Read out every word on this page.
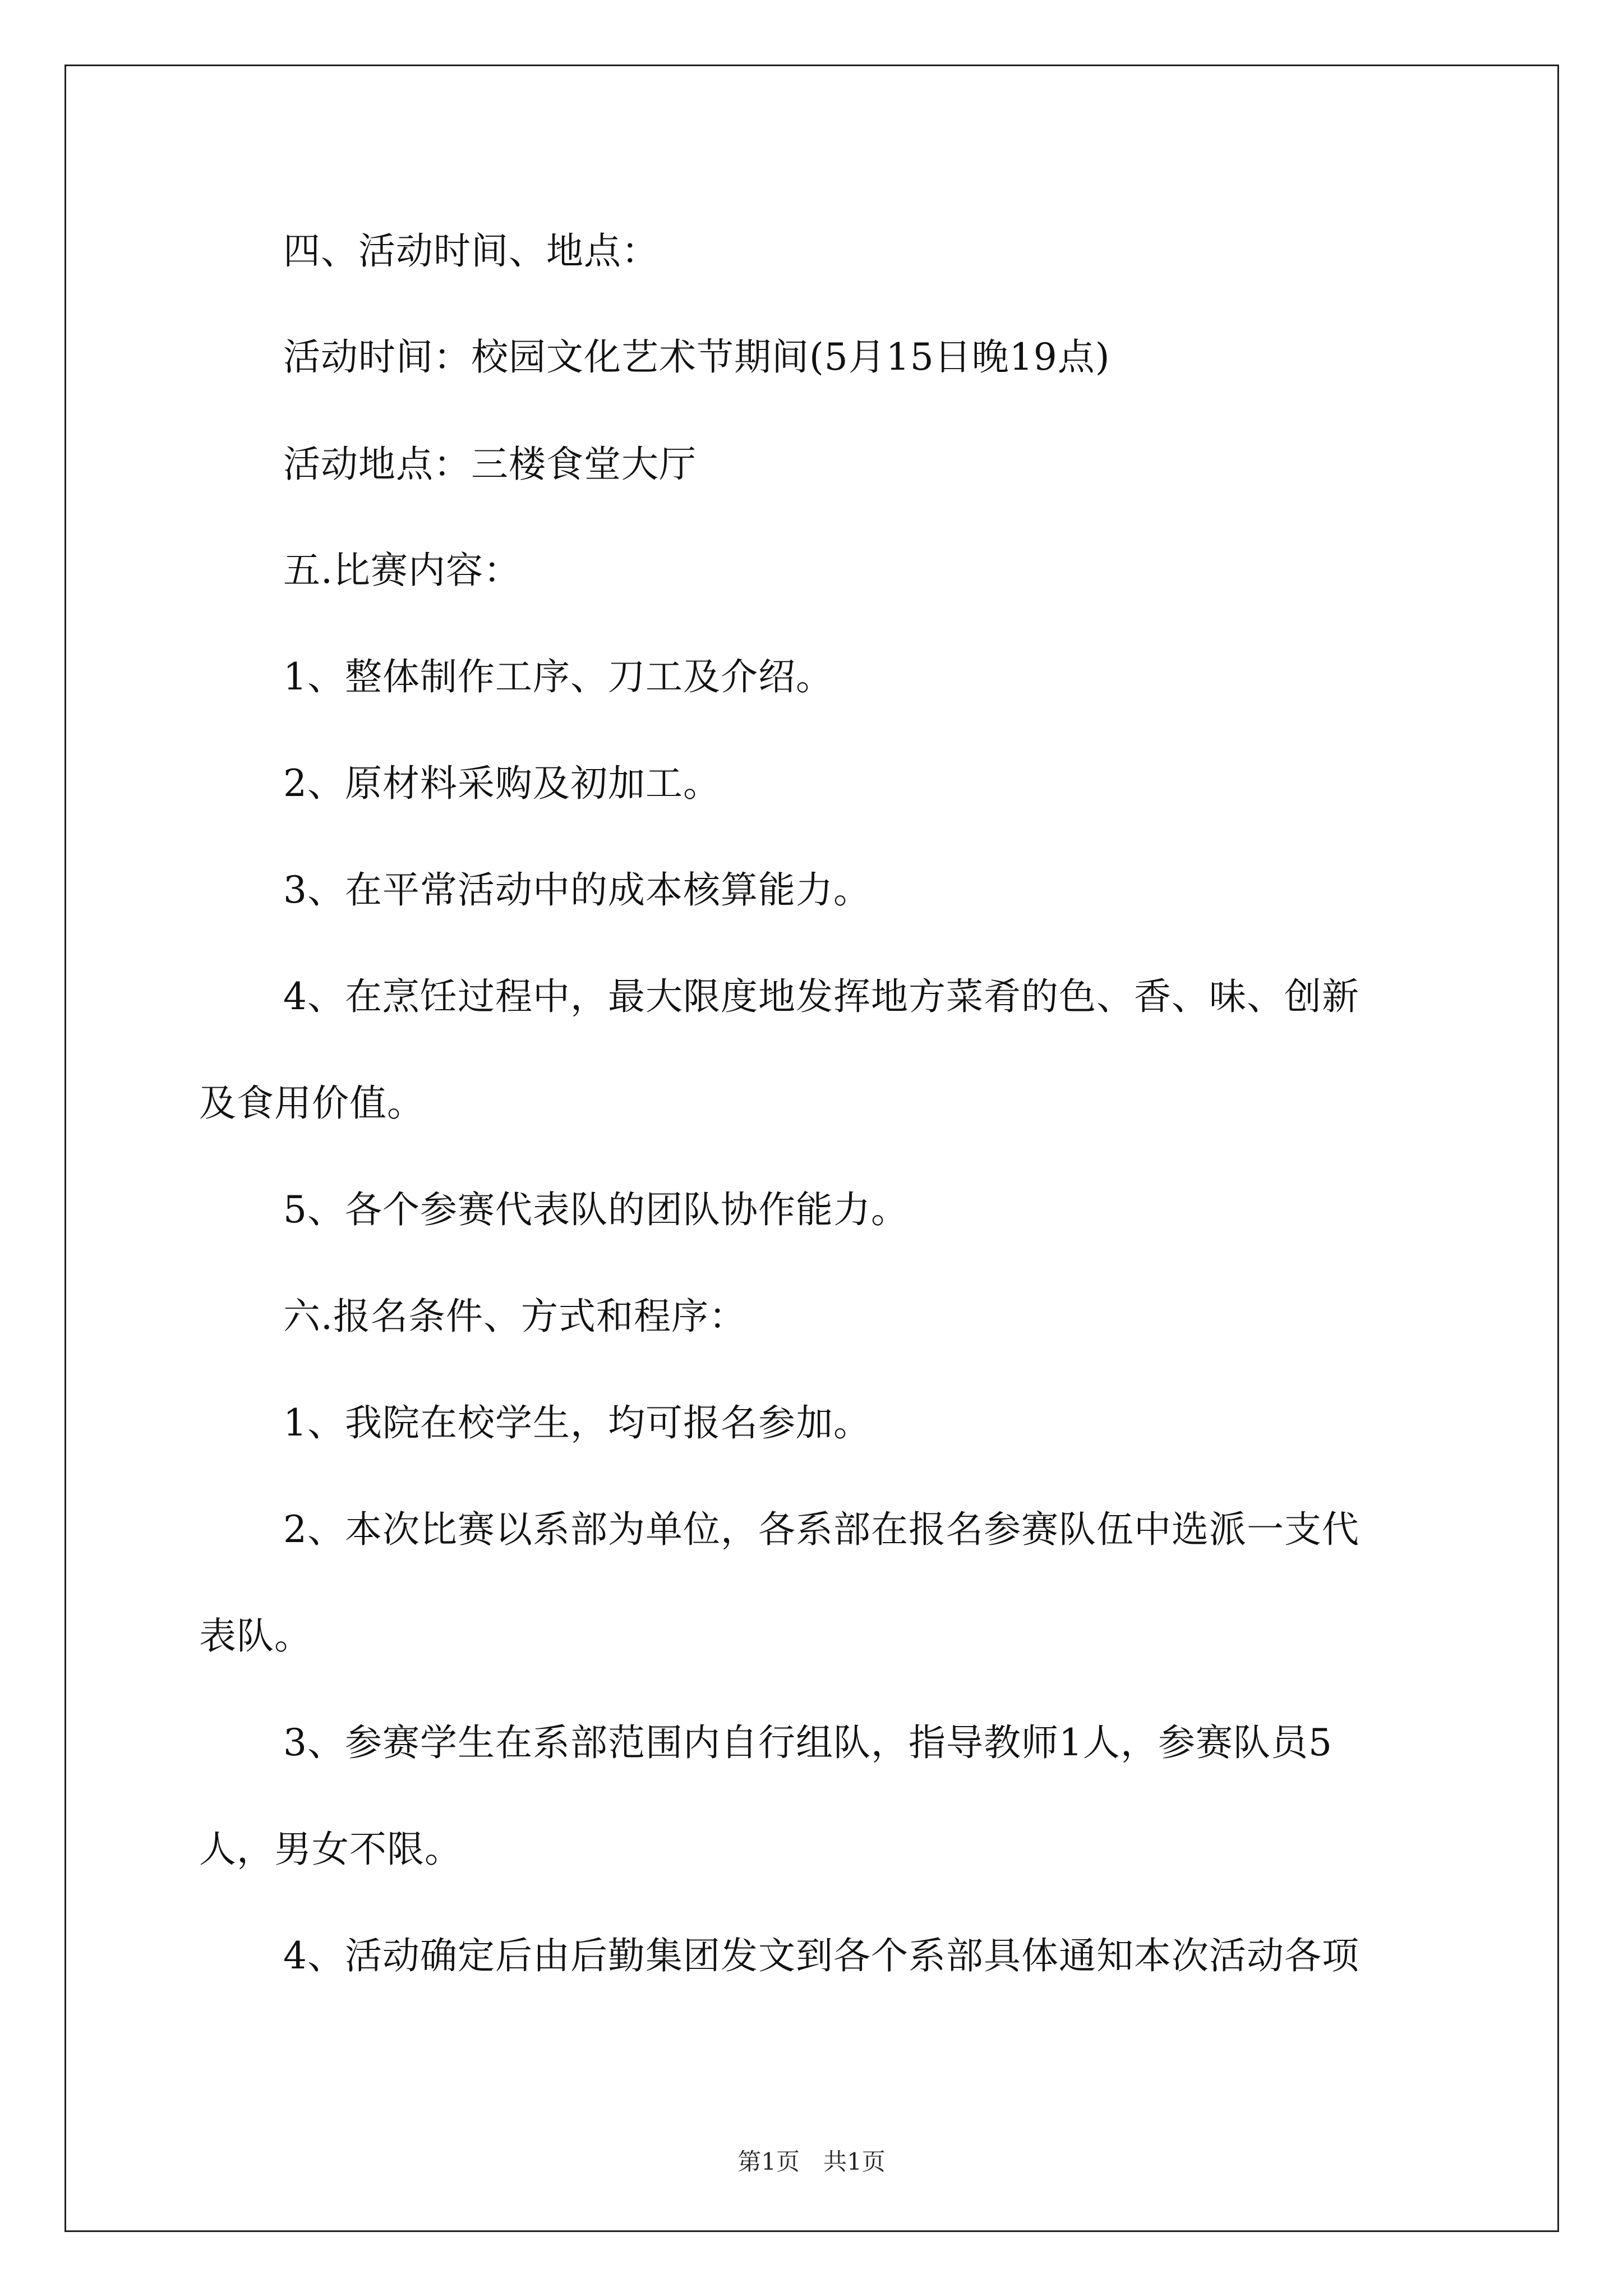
四、活动时间、地点：
活动时间：校园文化艺术节期间(5月15日晚19点)
活动地点：三楼食堂大厅
五.比赛内容：
1、整体制作工序、刀工及介绍。
2、原材料采购及初加工。
3、在平常活动中的成本核算能力。
4、在烹饪过程中，最大限度地发挥地方菜肴的色、香、味、创新
及食用价值。
5、各个参赛代表队的团队协作能力。
六.报名条件、方式和程序：
1、我院在校学生，均可报名参加。
2、本次比赛以系部为单位，各系部在报名参赛队伍中选派一支代
表队。
3、参赛学生在系部范围内自行组队，指导教师1人，参赛队员5
人，男女不限。
4、活动确定后由后勤集团发文到各个系部具体通知本次活动各项
第1页　共1页
